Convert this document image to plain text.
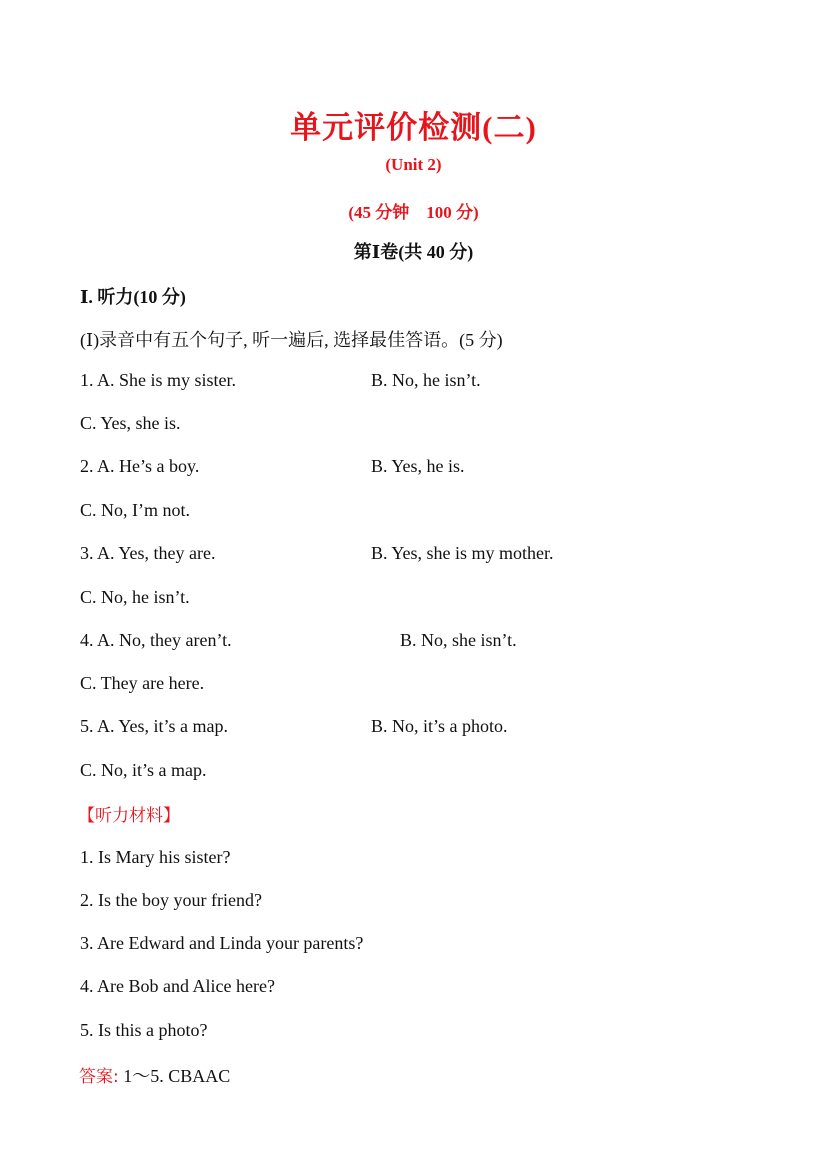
单元评价检测(二)
(Unit 2)
(45 分钟　100 分)
第Ⅰ卷(共 40 分)
Ⅰ. 听力(10 分)
(Ⅰ)录音中有五个句子, 听一遍后, 选择最佳答语。(5 分)
1. A. She is my sister.	B. No, he isn’t.
C. Yes, she is.
2. A. He’s a boy.	B. Yes, he is.
C. No, I’m not.
3. A. Yes, they are.	B. Yes, she is my mother.
C. No, he isn’t.
4. A. No, they aren’t.	B. No, she isn’t.
C. They are here.
5. A. Yes, it’s a map.	B. No, it’s a photo.
C. No, it’s a map.
【听力材料】
1. Is Mary his sister?
2. Is the boy your friend?
3. Are Edward and Linda your parents?
4. Are Bob and Alice here?
5. Is this a photo?
答案: 1～5. CBAAC
